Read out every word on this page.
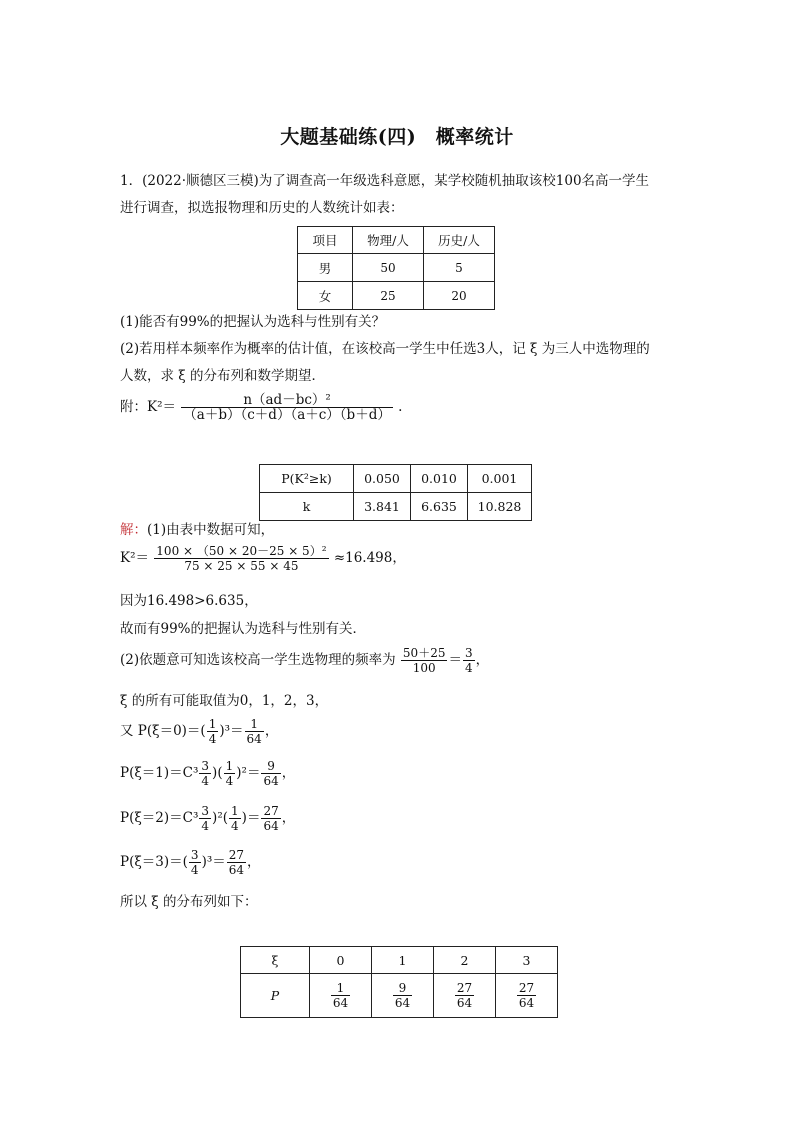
大题基础练(四)　概率统计
1．(2022·顺德区三模)为了调查高一年级选科意愿，某学校随机抽取该校100名高一学生
进行调查，拟选报物理和历史的人数统计如表：
项目	物理/人	历史/人
男	50	5
女	25	20
(1)能否有99%的把握认为选科与性别有关？
(2)若用样本频率作为概率的估计值，在该校高一学生中任选3人，记 ξ 为三人中选物理的
人数，求 ξ 的分布列和数学期望．
附：$K^2= \frac{\text{n（ad－bc）²}}{(a+b)(c+d)(a+c)(b+d)}$ .
P(K²≥k)	0.050	0.010	0.001
k	3.841	6.635	10.828
解：(1)由表中数据可知，
$K^2= \frac{\text{100 × （50 × 20－25 × 5）²}}{75 \times 25 \times 55 \times 45} \approx 16.498$，
因为16.498>6.635，
故而有99%的把握认为选科与性别有关．
(2)依题意可知选该校高一学生选物理的频率为 $\frac{50+25}{100} = \frac{3}{4}$ ，
ξ 的所有可能取值为0，1，2，3，
又 $P(\xi=0)=( \frac{1}{4} )^3= \frac{1}{64}$ ，
$P(\xi=1)=C^3 \frac{3}{4}$ )( $\frac{1}{4} )^2= \frac{9}{64}$ ，
$P(\xi=2)=C^3 \frac{3}{4} )^2( \frac{1}{4}$ )＝ $\frac{27}{64}$ ，
$P(\xi=3)=( \frac{3}{4} )^3= \frac{27}{64}$ ，
所以 ξ 的分布列如下：
ξ	0	1	2	3
P	$\frac{1}{64}$	$\frac{9}{64}$	$\frac{27}{64}$	$\frac{27}{64}$
